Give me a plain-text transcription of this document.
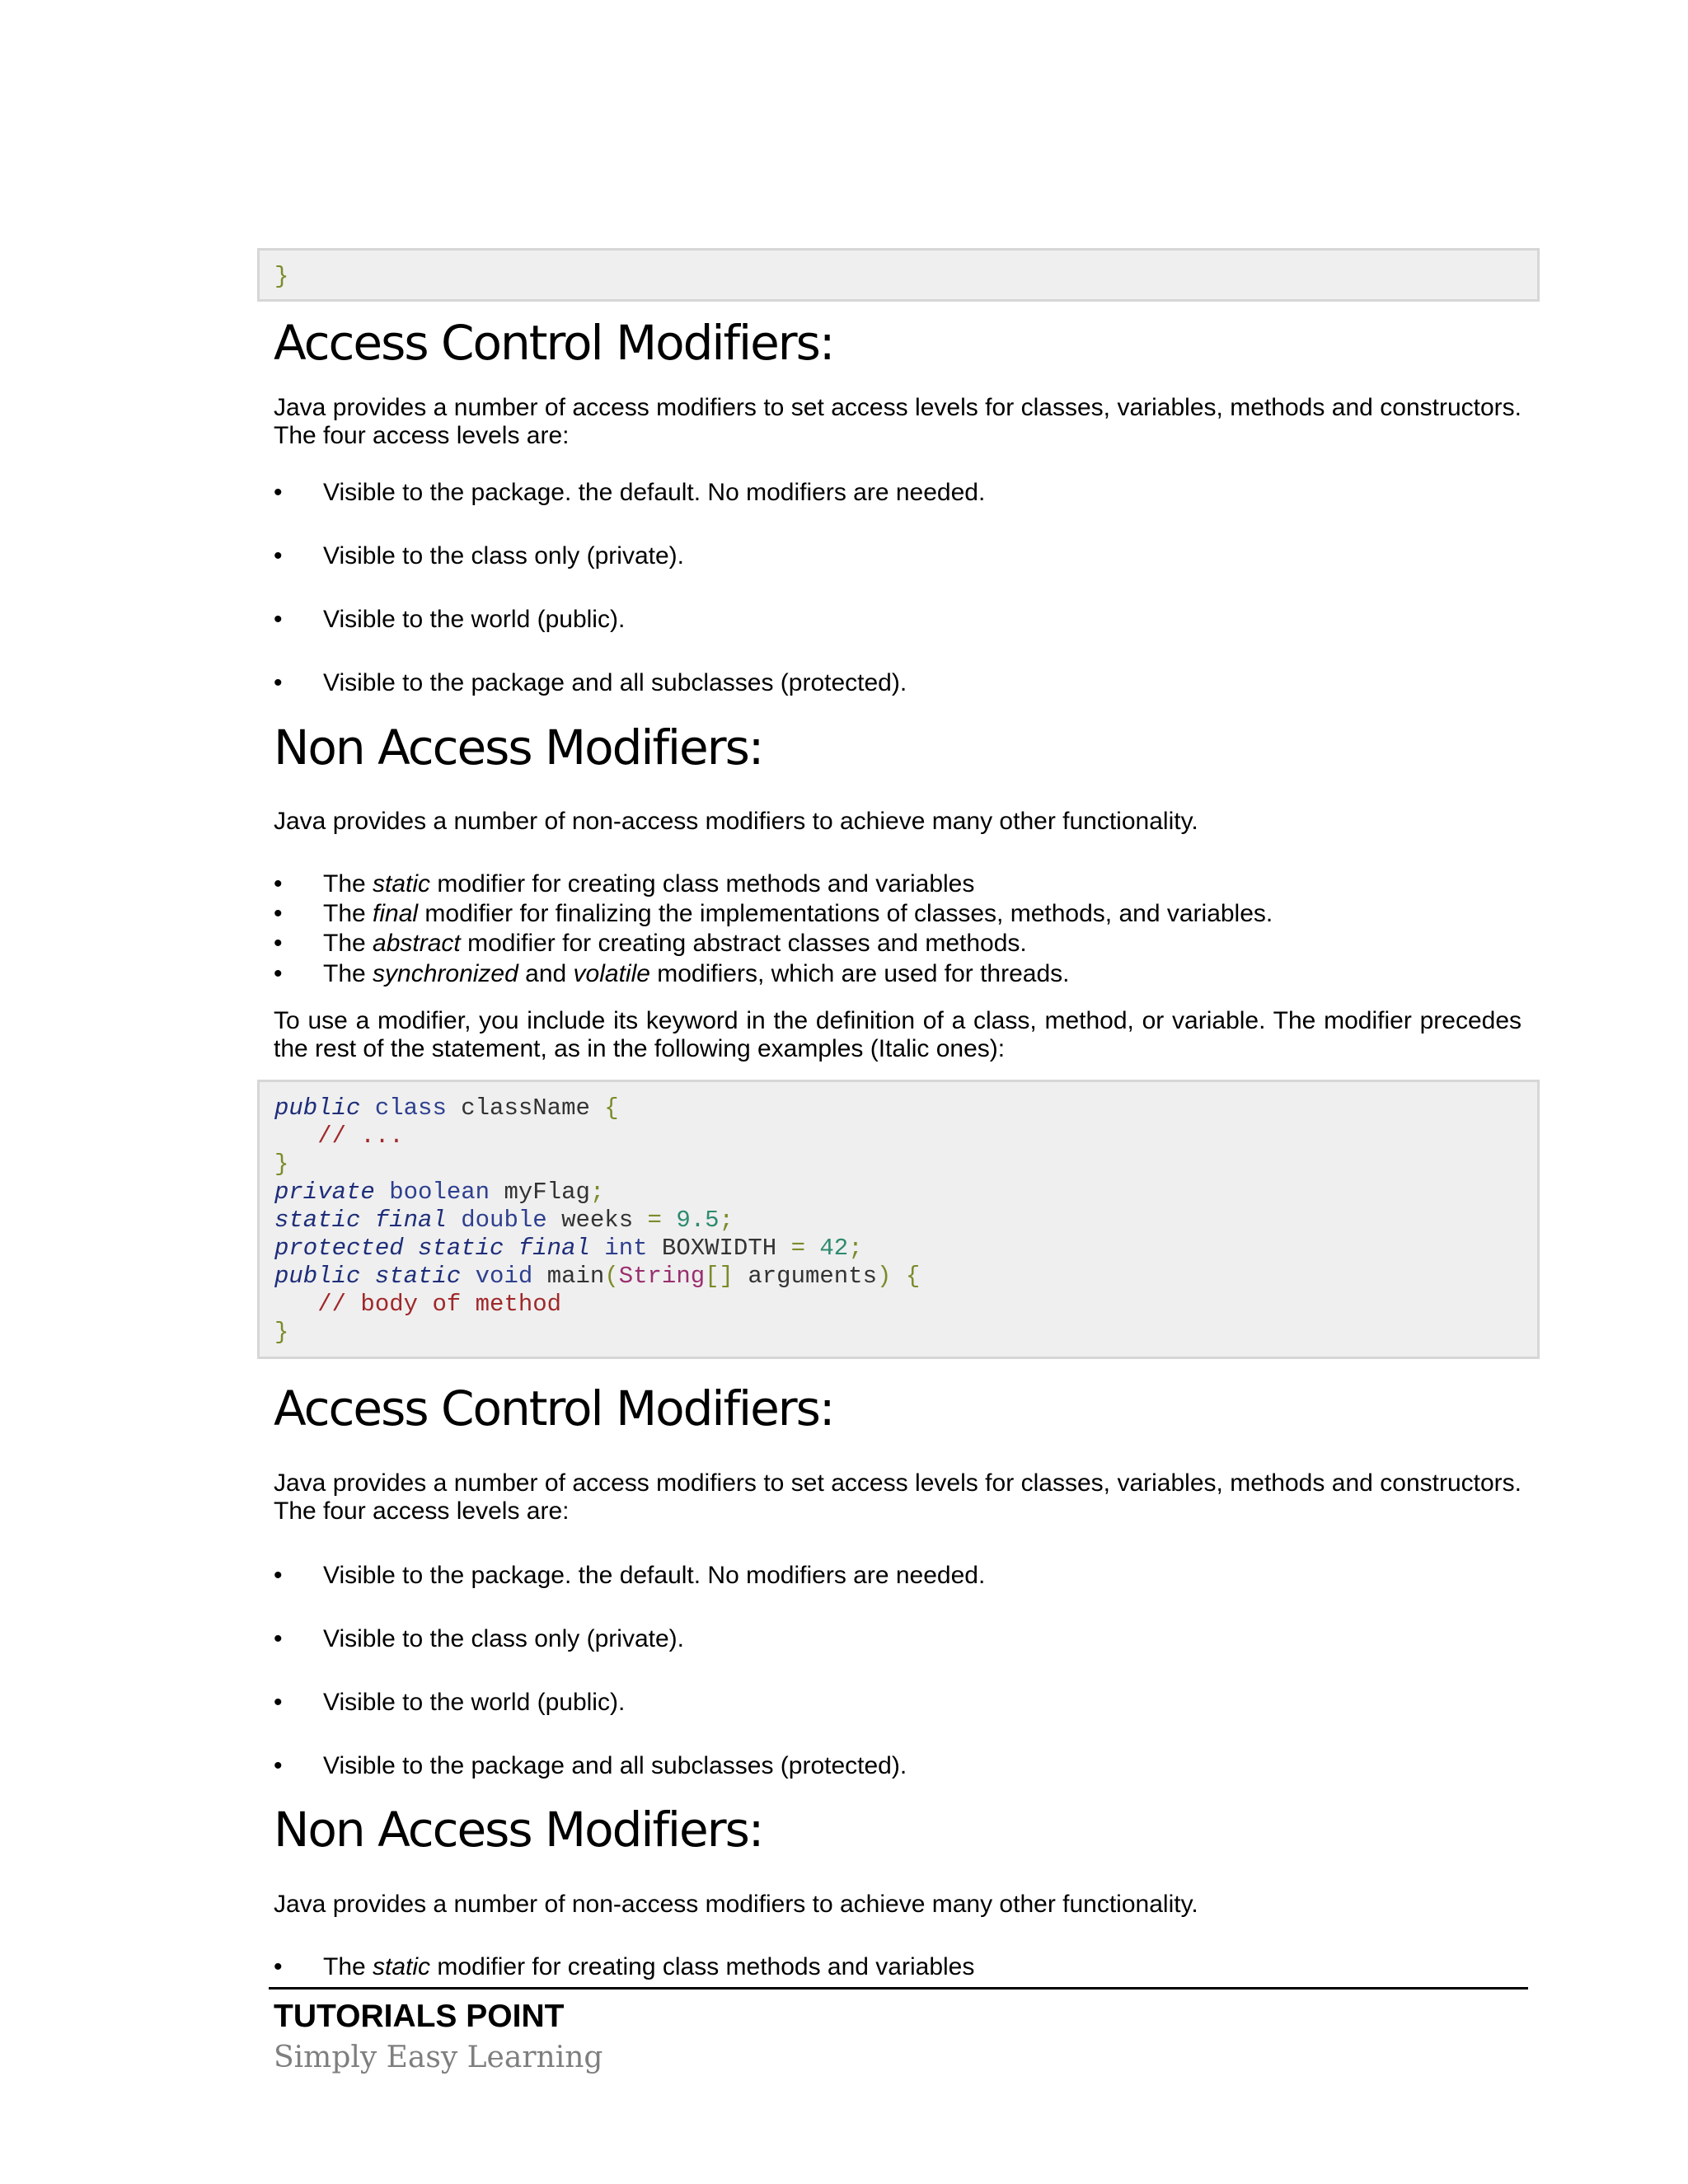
}
Access Control Modifiers:

Java provides a number of access modifiers to set access levels for classes, variables, methods and constructors. The four access levels are:

• Visible to the package. the default. No modifiers are needed.
• Visible to the class only (private).
• Visible to the world (public).
• Visible to the package and all subclasses (protected).
Non Access Modifiers:

Java provides a number of non-access modifiers to achieve many other functionality.

• The static modifier for creating class methods and variables
• The final modifier for finalizing the implementations of classes, methods, and variables.
• The abstract modifier for creating abstract classes and methods.
• The synchronized and volatile modifiers, which are used for threads.

To use a modifier, you include its keyword in the definition of a class, method, or variable. The modifier precedes the rest of the statement, as in the following examples (Italic ones):

public class className {
// ...
}
private boolean myFlag;
static final double weeks = 9.5;
protected static final int BOXWIDTH = 42;
public static void main(String[] arguments) {
// body of method
}
Access Control Modifiers:

Java provides a number of access modifiers to set access levels for classes, variables, methods and constructors. The four access levels are:

• Visible to the package. the default. No modifiers are needed.
• Visible to the class only (private).
• Visible to the world (public).
• Visible to the package and all subclasses (protected).
Non Access Modifiers:

Java provides a number of non-access modifiers to achieve many other functionality.

• The static modifier for creating class methods and variables
TUTORIALS POINT
Simply Easy Learning
